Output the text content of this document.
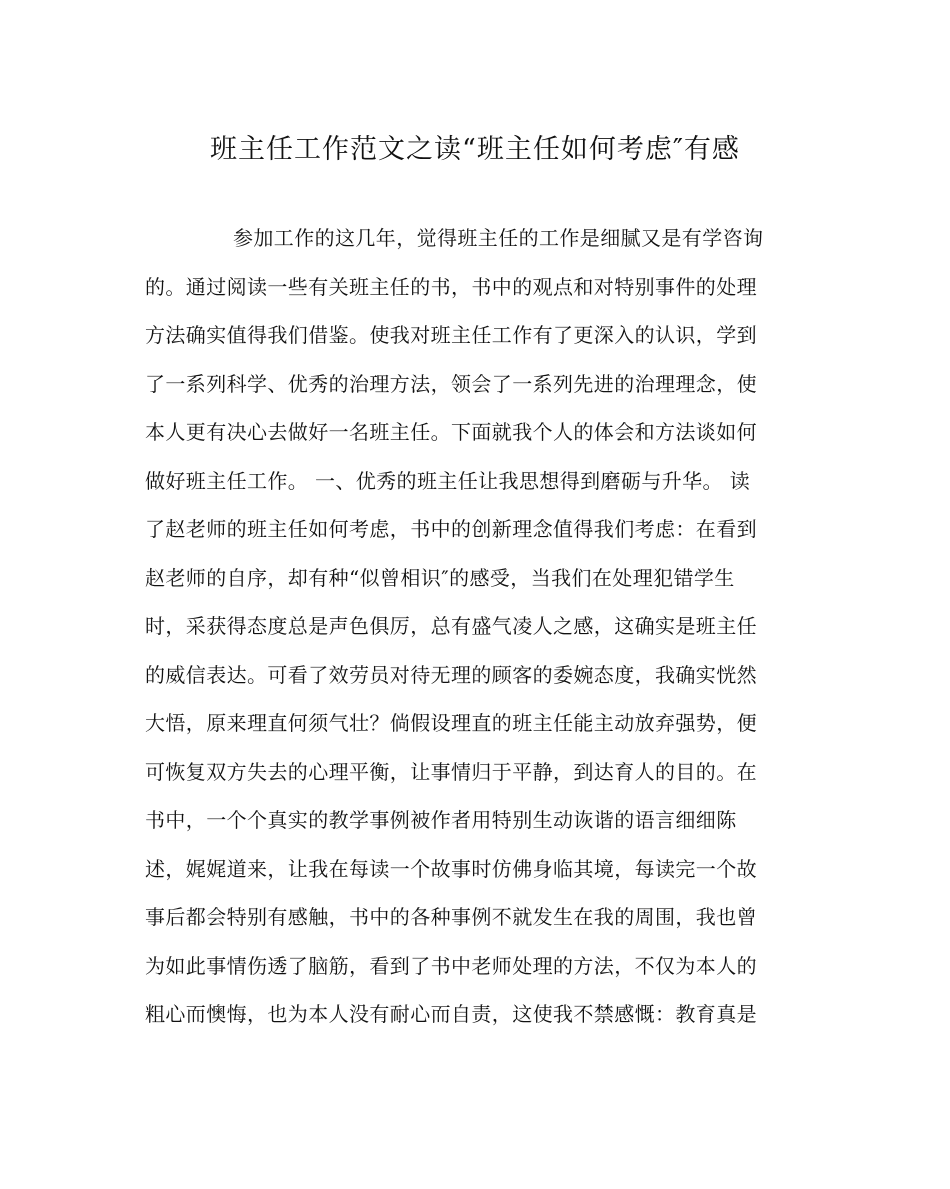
班主任工作范文之读“班主任如何考虑″有感
参加工作的这几年，觉得班主任的工作是细腻又是有学咨询
的。通过阅读一些有关班主任的书，书中的观点和对特别事件的处理
方法确实值得我们借鉴。使我对班主任工作有了更深入的认识，学到
了一系列科学、优秀的治理方法，领会了一系列先进的治理理念，使
本人更有决心去做好一名班主任。下面就我个人的体会和方法谈如何
做好班主任工作。 一、优秀的班主任让我思想得到磨砺与升华。 读
了赵老师的班主任如何考虑，书中的创新理念值得我们考虑：在看到
赵老师的自序，却有种“似曾相识″的感受，当我们在处理犯错学生
时，采获得态度总是声色俱厉，总有盛气凌人之感，这确实是班主任
的威信表达。可看了效劳员对待无理的顾客的委婉态度，我确实恍然
大悟，原来理直何须气壮？倘假设理直的班主任能主动放弃强势，便
可恢复双方失去的心理平衡，让事情归于平静，到达育人的目的。在
书中，一个个真实的教学事例被作者用特别生动诙谐的语言细细陈
述，娓娓道来，让我在每读一个故事时仿佛身临其境，每读完一个故
事后都会特别有感触，书中的各种事例不就发生在我的周围，我也曾
为如此事情伤透了脑筋，看到了书中老师处理的方法，不仅为本人的
粗心而懊悔，也为本人没有耐心而自责，这使我不禁感慨：教育真是
